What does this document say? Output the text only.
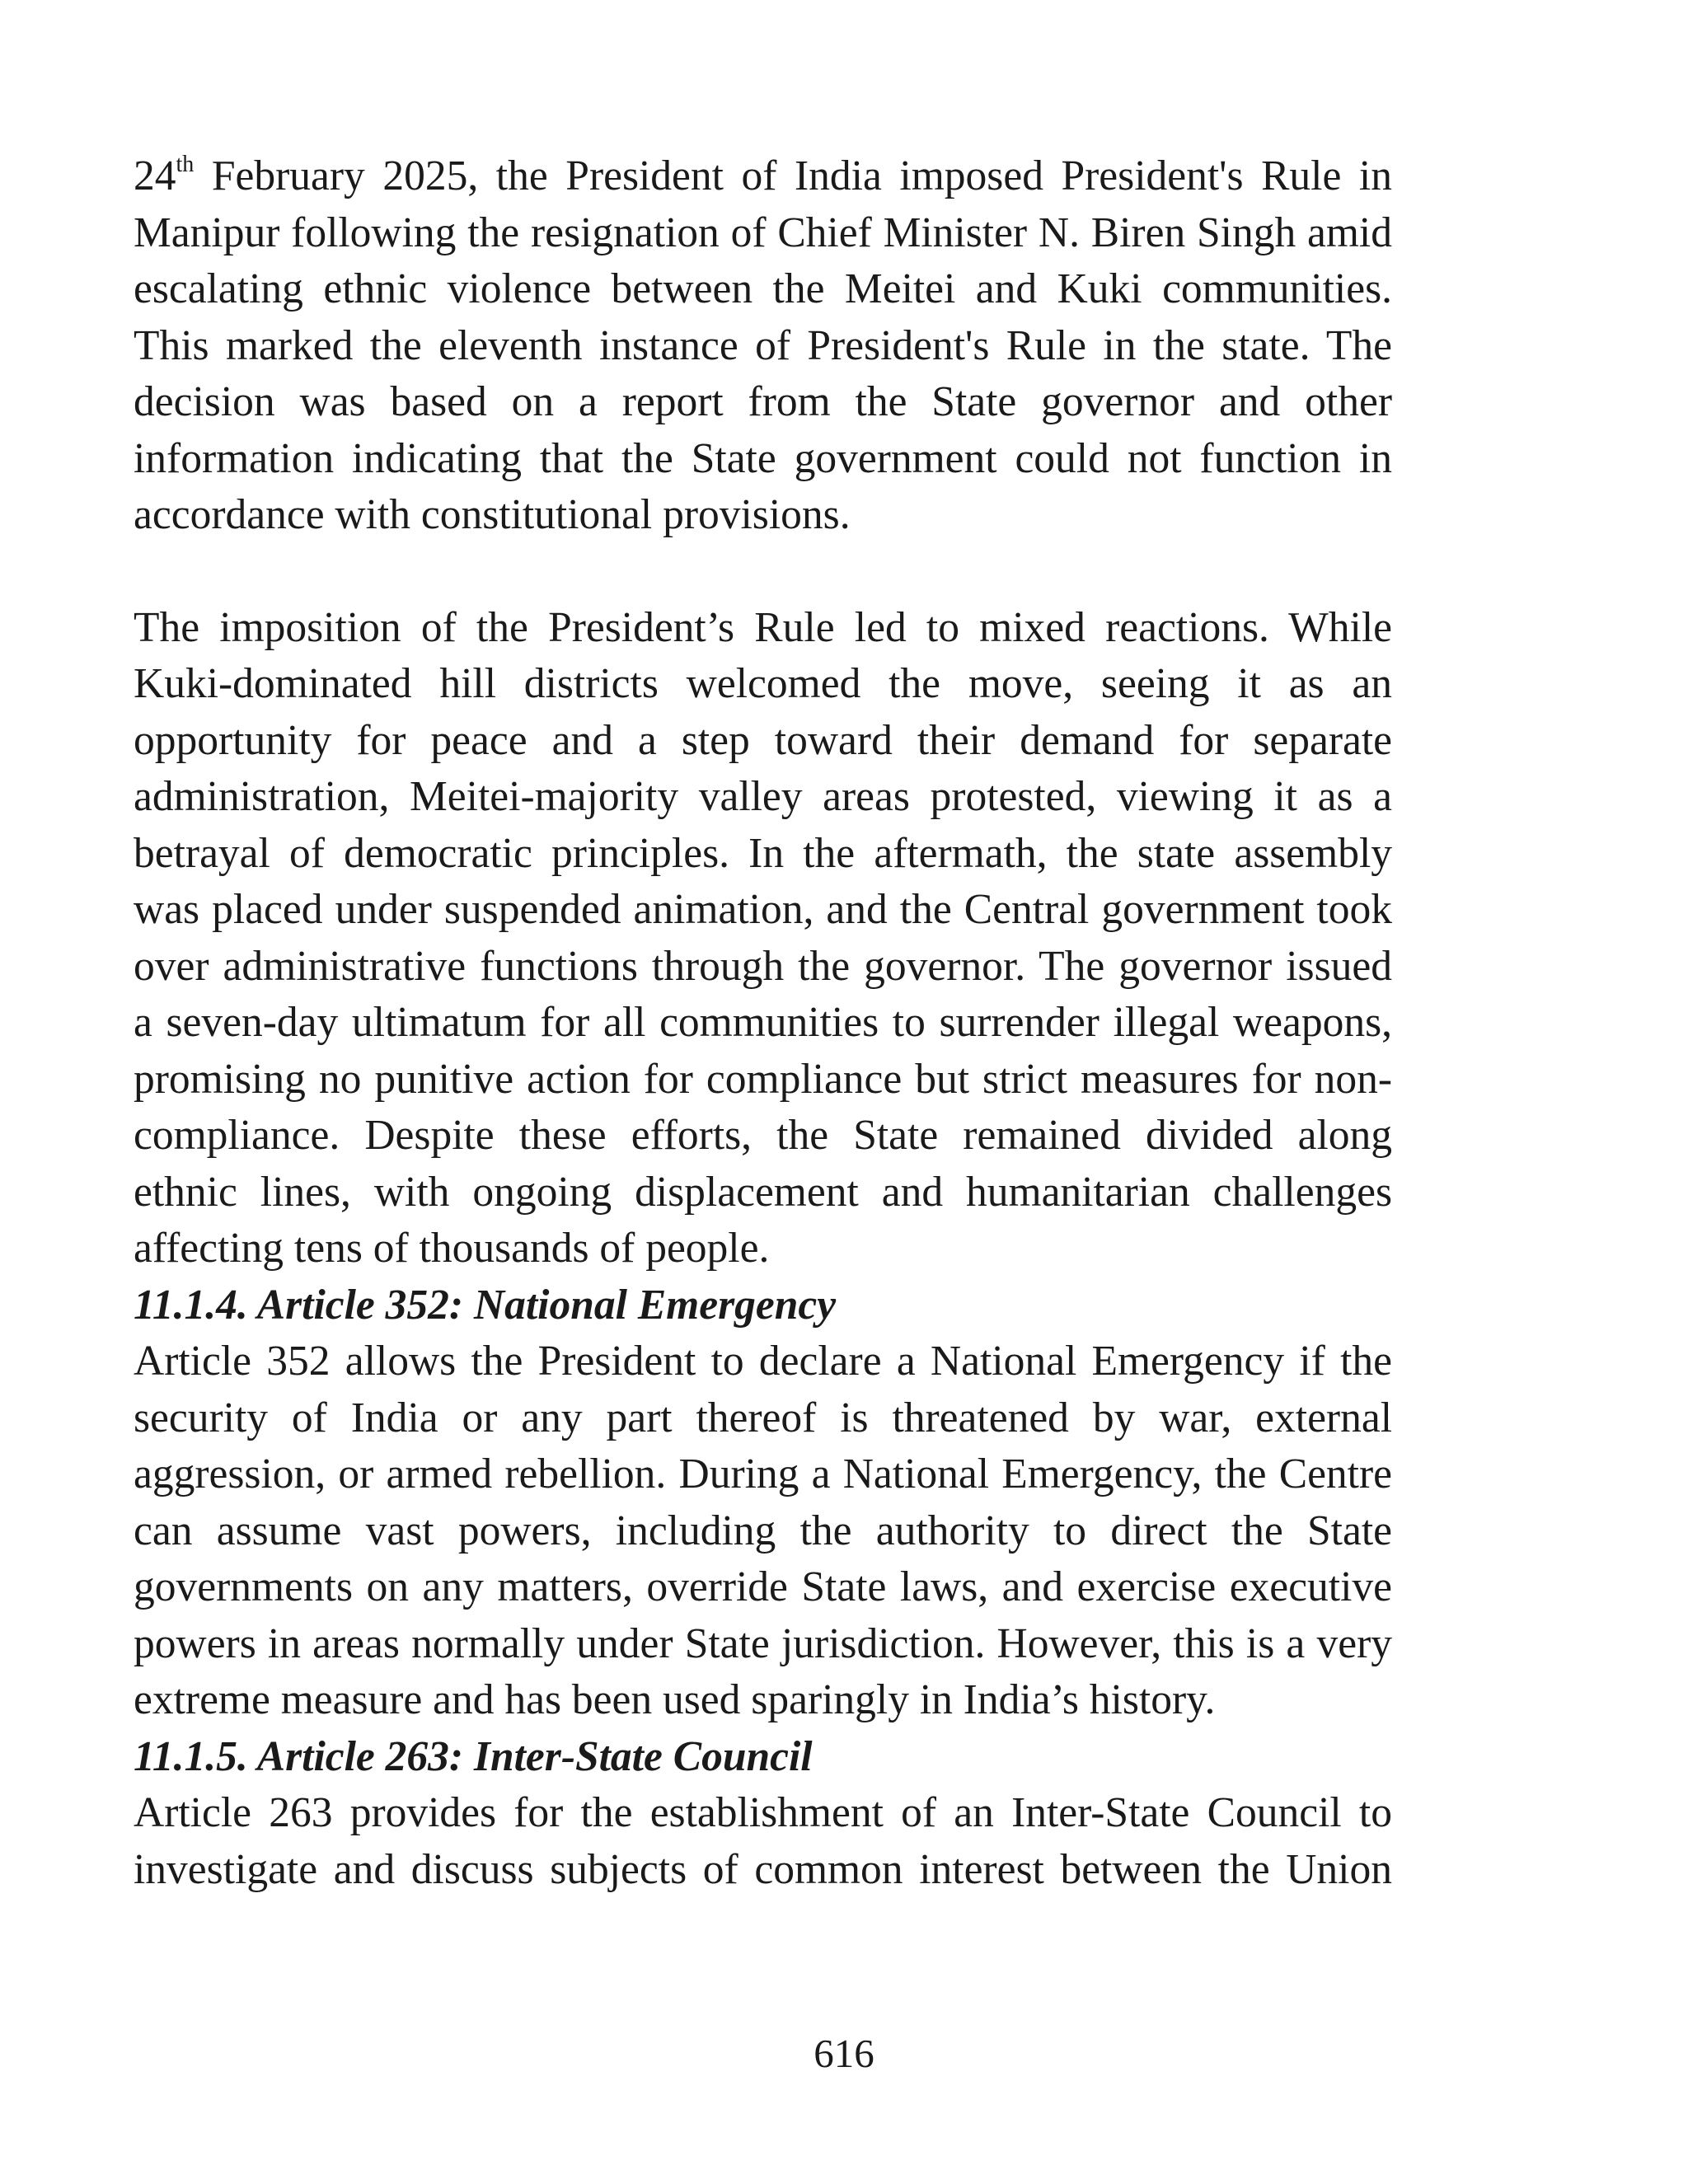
24th February 2025, the President of India imposed President's Rule in Manipur following the resignation of Chief Minister N. Biren Singh amid escalating ethnic violence between the Meitei and Kuki communities. This marked the eleventh instance of President's Rule in the state. The decision was based on a report from the State governor and other information indicating that the State government could not function in accordance with constitutional provisions.

The imposition of the President’s Rule led to mixed reactions. While Kuki-dominated hill districts welcomed the move, seeing it as an opportunity for peace and a step toward their demand for separate administration, Meitei-majority valley areas protested, viewing it as a betrayal of democratic principles. In the aftermath, the state assembly was placed under suspended animation, and the Central government took over administrative functions through the governor. The governor issued a seven-day ultimatum for all communities to surrender illegal weapons, promising no punitive action for compliance but strict measures for non-compliance. Despite these efforts, the State remained divided along ethnic lines, with ongoing displacement and humanitarian challenges affecting tens of thousands of people.

11.1.4. Article 352: National Emergency

Article 352 allows the President to declare a National Emergency if the security of India or any part thereof is threatened by war, external aggression, or armed rebellion. During a National Emergency, the Centre can assume vast powers, including the authority to direct the State governments on any matters, override State laws, and exercise executive powers in areas normally under State jurisdiction. However, this is a very extreme measure and has been used sparingly in India’s history.

11.1.5. Article 263: Inter-State Council

Article 263 provides for the establishment of an Inter-State Council to investigate and discuss subjects of common interest between the Union

616
